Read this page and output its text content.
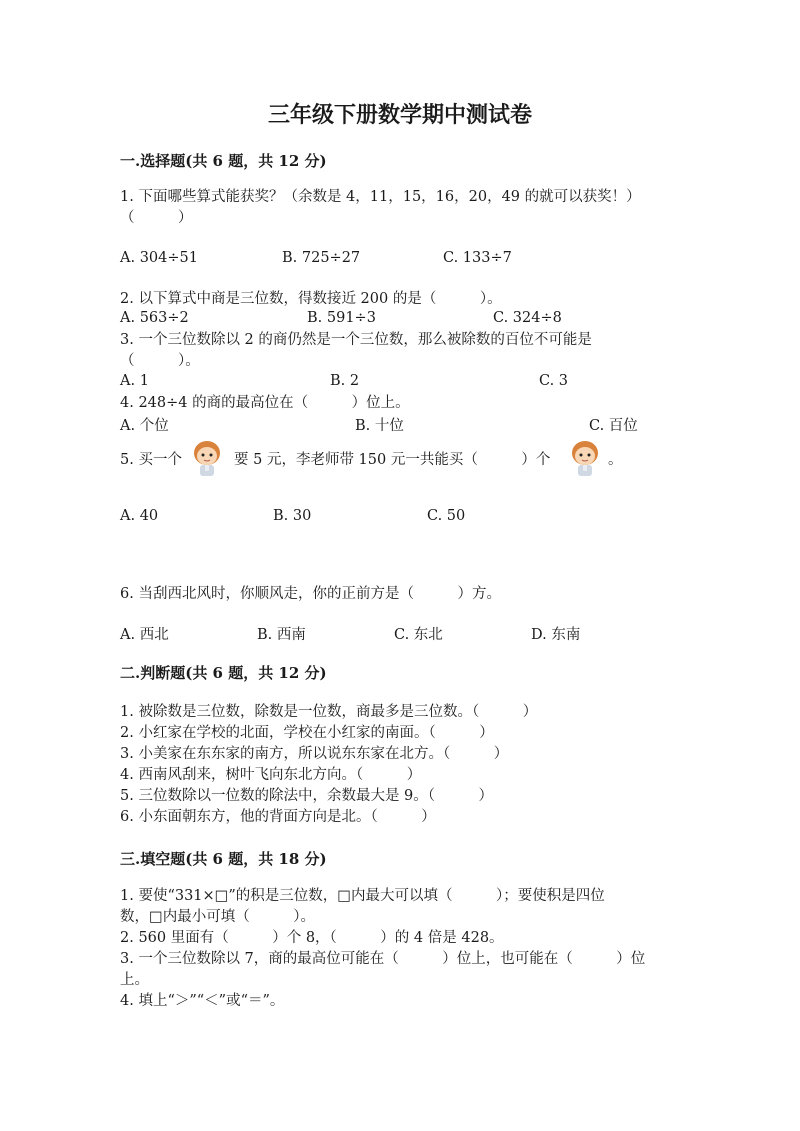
三年级下册数学期中测试卷
一.选择题(共 6 题，共 12 分)
1. 下面哪些算式能获奖？（余数是 4，11，15，16，20，49 的就可以获奖！）
（　　　）
A. 304÷51	B. 725÷27	C. 133÷7
2. 以下算式中商是三位数，得数接近 200 的是（　　　）。
A. 563÷2	B. 591÷3	C. 324÷8
3. 一个三位数除以 2 的商仍然是一个三位数，那么被除数的百位不可能是
（　　　）。
A. 1	B. 2	C. 3
4. 248÷4 的商的最高位在（　　　）位上。
A. 个位	B. 十位	C. 百位
5. 买一个	要 5 元，李老师带 150 元一共能买（　　　）个	。
A. 40	B. 30	C. 50
6. 当刮西北风时，你顺风走，你的正前方是（　　　）方。
A. 西北	B. 西南	C. 东北	D. 东南
二.判断题(共 6 题，共 12 分)
1. 被除数是三位数，除数是一位数，商最多是三位数。（　　　）
2. 小红家在学校的北面，学校在小红家的南面。（　　　）
3. 小美家在东东家的南方，所以说东东家在北方。（　　　）
4. 西南风刮来，树叶飞向东北方向。（　　　）
5. 三位数除以一位数的除法中，余数最大是 9。（　　　）
6. 小东面朝东方，他的背面方向是北。（　　　）
三.填空题(共 6 题，共 18 分)
1. 要使“331×□”的积是三位数，□内最大可以填（　　　）；要使积是四位
数，□内最小可填（　　　）。
2. 560 里面有（　　　）个 8，（　　　）的 4 倍是 428。
3. 一个三位数除以 7，商的最高位可能在（　　　）位上，也可能在（　　　）位
上。
4. 填上“＞”“＜”或“＝”。
